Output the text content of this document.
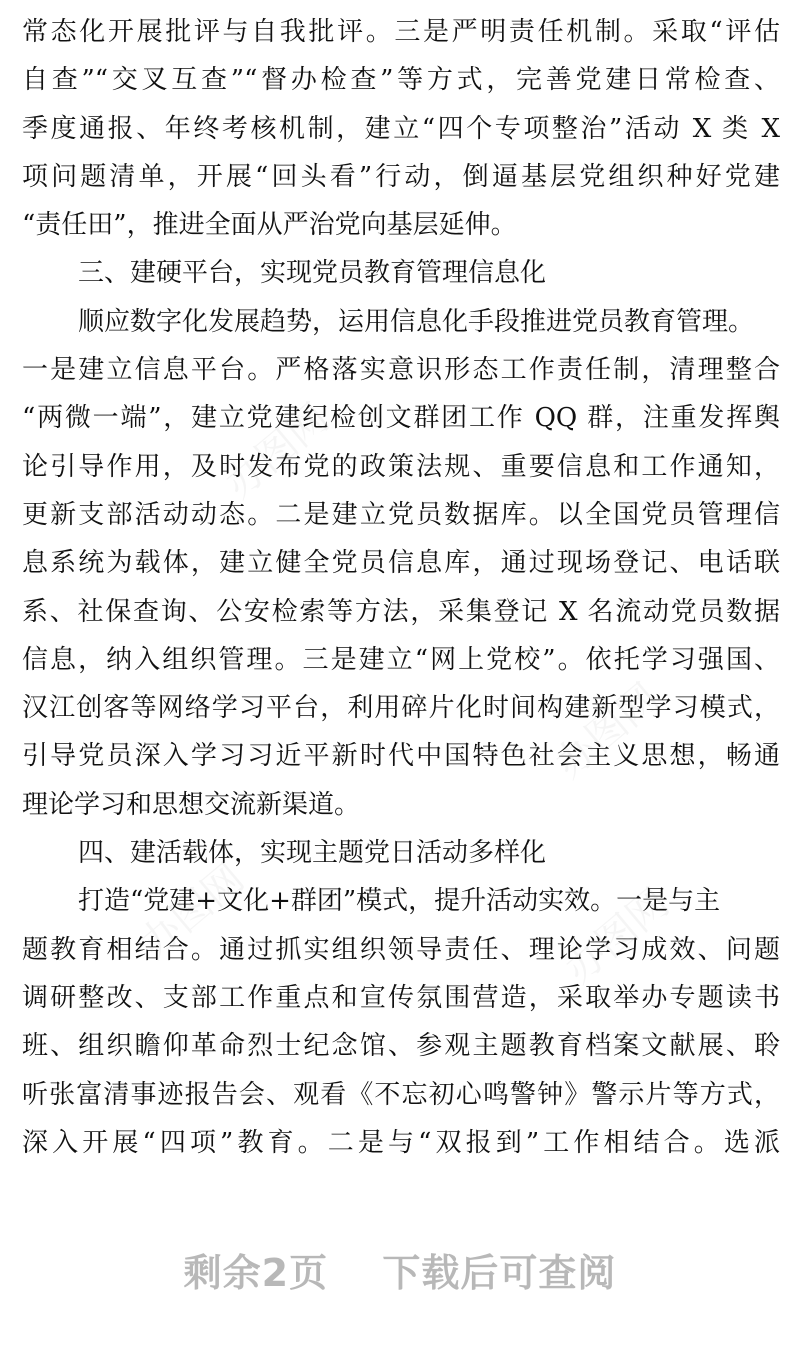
常态化开展批评与自我批评。三是严明责任机制。采取“评估
自查”“交叉互查”“督办检查”等方式，完善党建日常检查、
季度通报、年终考核机制，建立“四个专项整治”活动 X 类 X
项问题清单，开展“回头看”行动，倒逼基层党组织种好党建
“责任田”，推进全面从严治党向基层延伸。
三、建硬平台，实现党员教育管理信息化
顺应数字化发展趋势，运用信息化手段推进党员教育管理。
一是建立信息平台。严格落实意识形态工作责任制，清理整合
“两微一端”，建立党建纪检创文群团工作 QQ 群，注重发挥舆
论引导作用，及时发布党的政策法规、重要信息和工作通知，
更新支部活动动态。二是建立党员数据库。以全国党员管理信
息系统为载体，建立健全党员信息库，通过现场登记、电话联
系、社保查询、公安检索等方法，采集登记 X 名流动党员数据
信息，纳入组织管理。三是建立“网上党校”。依托学习强国、
汉江创客等网络学习平台，利用碎片化时间构建新型学习模式，
引导党员深入学习习近平新时代中国特色社会主义思想，畅通
理论学习和思想交流新渠道。
四、建活载体，实现主题党日活动多样化
打造“党建+文化+群团”模式，提升活动实效。一是与主
题教育相结合。通过抓实组织领导责任、理论学习成效、问题
调研整改、支部工作重点和宣传氛围营造，采取举办专题读书
班、组织瞻仰革命烈士纪念馆、参观主题教育档案文献展、聆
听张富清事迹报告会、观看《不忘初心鸣警钟》警示片等方式，
深入开展“四项”教育。二是与“双报到”工作相结合。选派
办图网
办图网
办图网	办图网
剩余2页 下载后可查阅
